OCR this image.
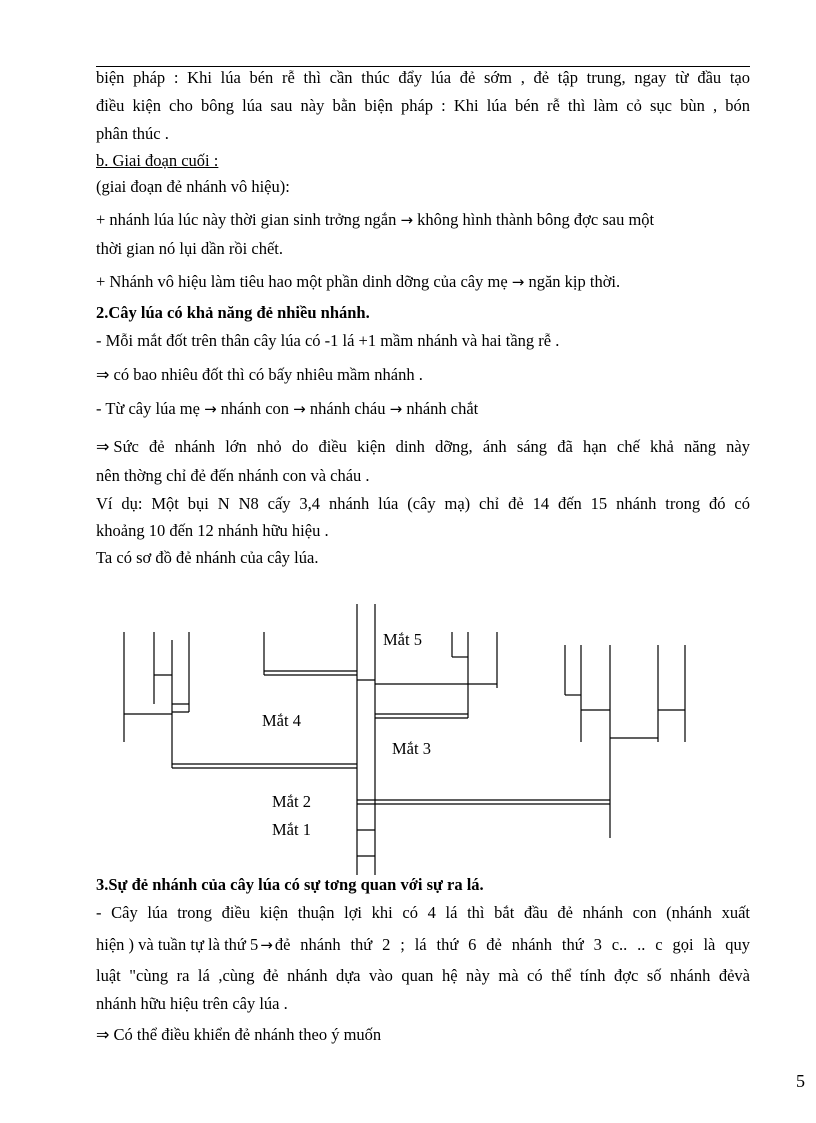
biện pháp : Khi lúa bén rễ thì cần thúc đẩy lúa đẻ sớm , đẻ tập trung, ngay từ đầu tạo
điều kiện cho bông lúa sau này bằn biện pháp : Khi lúa bén rễ thì làm cỏ sục bùn , bón
phân thúc .
b. Giai đoạn cuối :
(giai đoạn đẻ nhánh vô hiệu):
+ nhánh lúa lúc này thời gian sinh trởng ngắn → không hình thành bông đợc sau một
thời gian nó lụi dần rồi chết.
+ Nhánh vô hiệu làm tiêu hao một phần dinh dỡng của cây mẹ → ngăn kịp thời.
2.Cây lúa có khả năng đẻ nhiều nhánh.
- Mỗi mắt đốt trên thân cây lúa có -1 lá +1 mầm nhánh và hai tầng rễ .
⇒ có bao nhiêu đốt thì có bấy nhiêu mầm nhánh .
- Từ cây lúa mẹ → nhánh con → nhánh cháu → nhánh chắt
⇒ Sức đẻ nhánh lớn nhỏ do điều kiện dinh dỡng, ánh sáng đã hạn chế khả năng này
nên thờng chỉ đẻ đến nhánh con và cháu .
Ví dụ: Một bụi N N8 cấy 3,4 nhánh lúa (cây mạ) chỉ đẻ 14 đến 15 nhánh trong đó có
khoảng 10 đến 12 nhánh hữu hiệu .
Ta có sơ đồ đẻ nhánh của cây lúa.
Mắt 5
Mắt 4
Mắt 3
Mắt 2
Mắt 1
3.Sự đẻ nhánh của cây lúa có sự tơng quan với sự ra lá.
- Cây lúa trong điều kiện thuận lợi khi có 4 lá thì bắt đầu đẻ nhánh con (nhánh xuất
hiện ) và tuần tự là thứ 5 → đẻ nhánh thứ 2 ; lá thứ 6 đẻ nhánh thứ 3 c.. .. c gọi là quy
luật "cùng ra lá ,cùng đẻ nhánh dựa vào quan hệ này mà có thể tính đợc số nhánh đẻvà
nhánh hữu hiệu trên cây lúa .
⇒ Có thể điều khiển đẻ nhánh theo ý muốn
5
